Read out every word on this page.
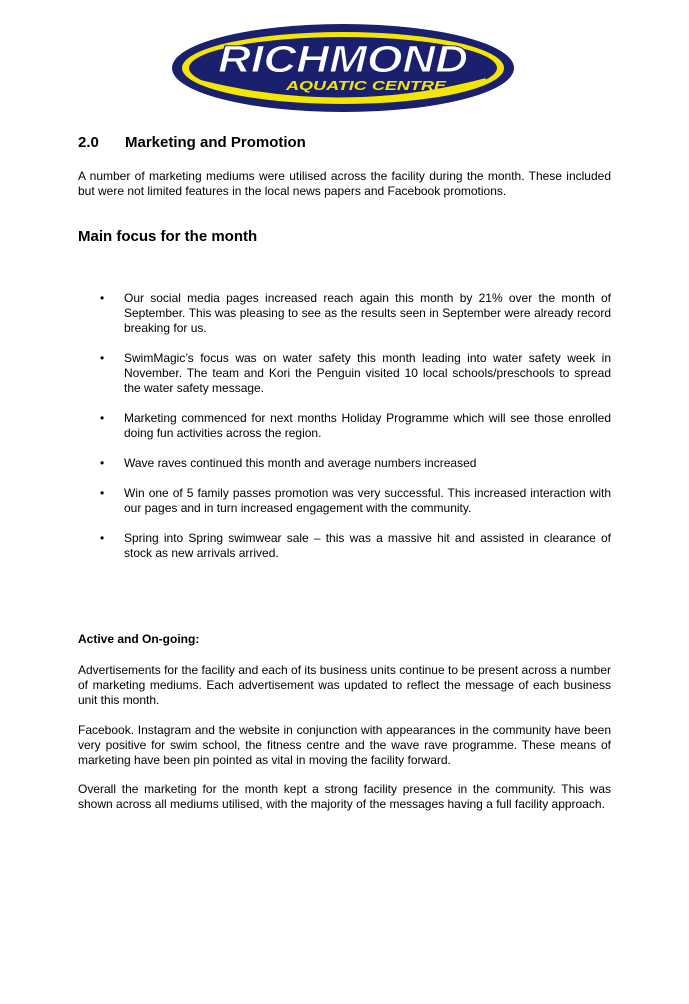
RICHMOND
AQUATIC CENTRE
2.0 Marketing and Promotion

A number of marketing mediums were utilised across the facility during the month. These included but were not limited features in the local news papers and Facebook promotions.

Main focus for the month
• Our social media pages increased reach again this month by 21% over the month of September. This was pleasing to see as the results seen in September were already record breaking for us.
• SwimMagic’s focus was on water safety this month leading into water safety week in November. The team and Kori the Penguin visited 10 local schools/preschools to spread the water safety message.
• Marketing commenced for next months Holiday Programme which will see those enrolled doing fun activities across the region.
• Wave raves continued this month and average numbers increased
• Win one of 5 family passes promotion was very successful. This increased interaction with our pages and in turn increased engagement with the community.
• Spring into Spring swimwear sale – this was a massive hit and assisted in clearance of stock as new arrivals arrived.
Active and On-going:

Advertisements for the facility and each of its business units continue to be present across a number of marketing mediums. Each advertisement was updated to reflect the message of each business unit this month.

Facebook. Instagram and the website in conjunction with appearances in the community have been very positive for swim school, the fitness centre and the wave rave programme. These means of marketing have been pin pointed as vital in moving the facility forward.

Overall the marketing for the month kept a strong facility presence in the community. This was shown across all mediums utilised, with the majority of the messages having a full facility approach.
